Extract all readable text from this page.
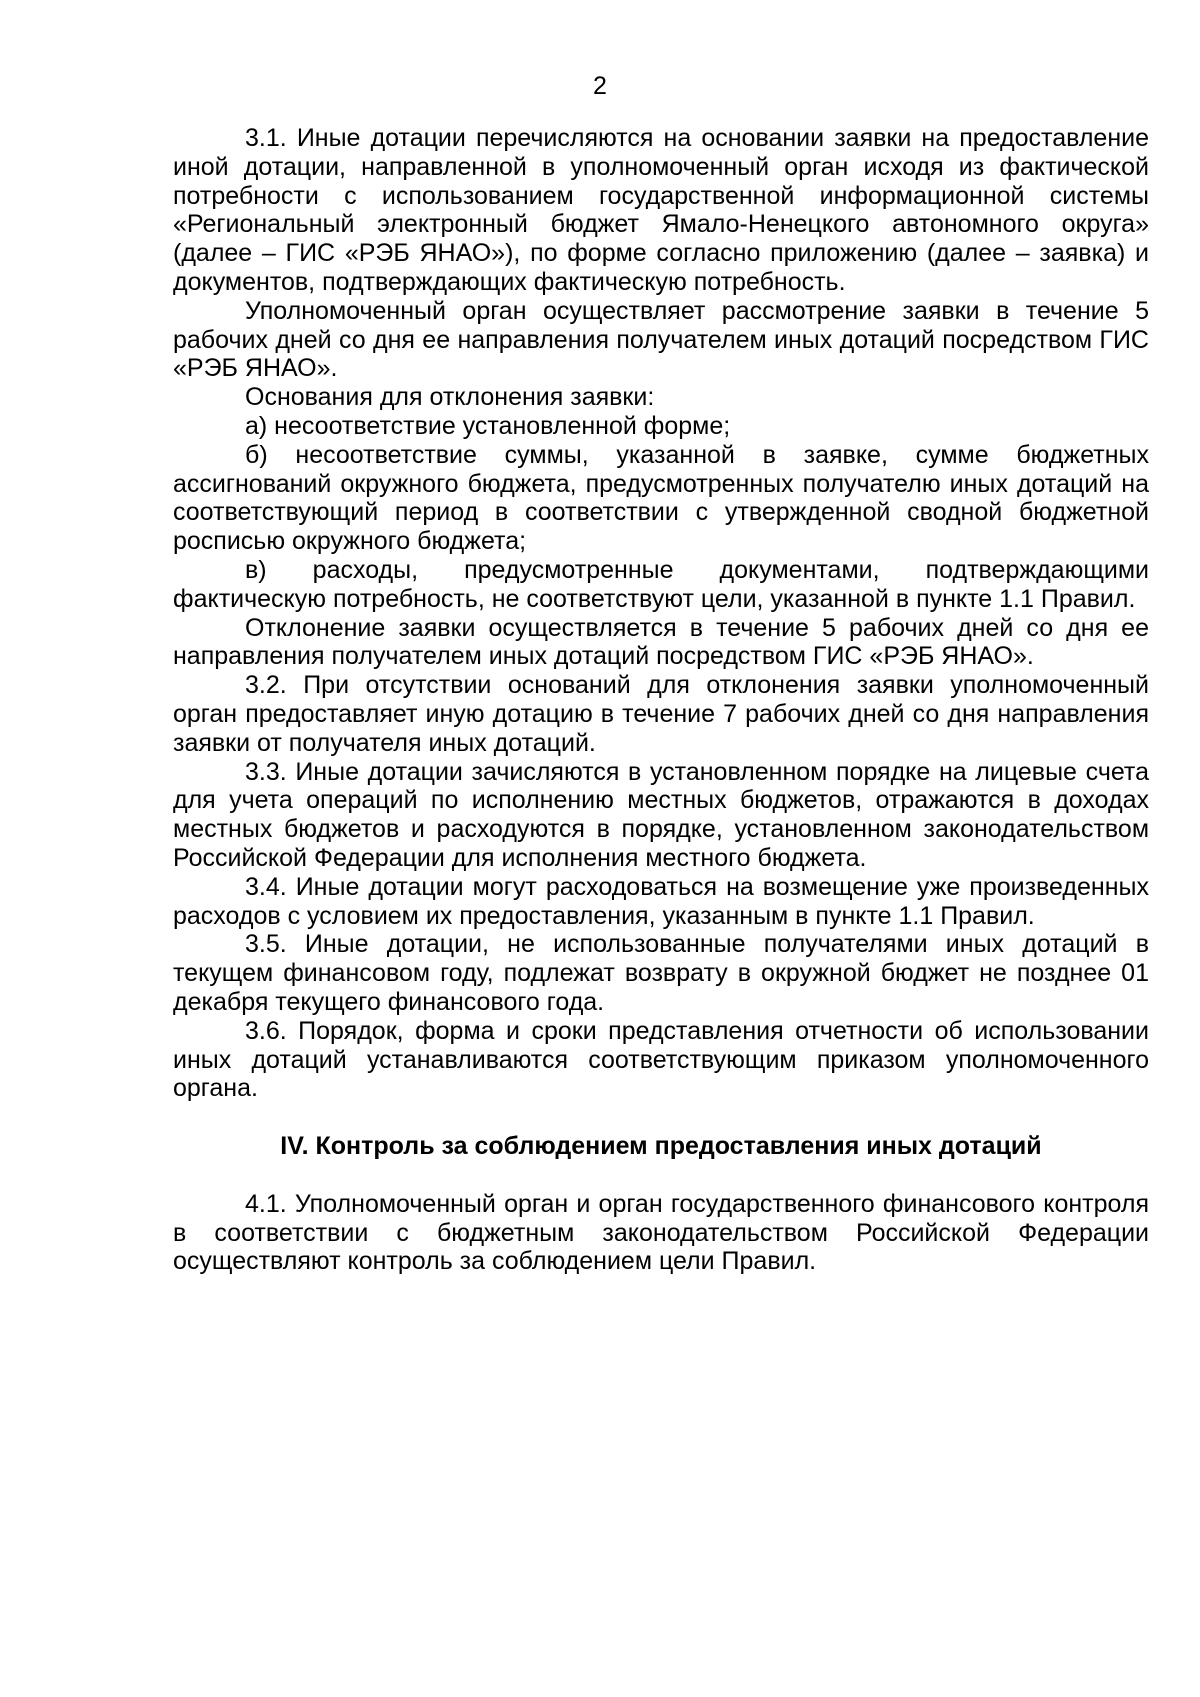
2

3.1. Иные дотации перечисляются на основании заявки на предоставление иной дотации, направленной в уполномоченный орган исходя из фактической потребности с использованием государственной информационной системы «Региональный электронный бюджет Ямало-Ненецкого автономного округа» (далее – ГИС «РЭБ ЯНАО»), по форме согласно приложению (далее – заявка) и документов, подтверждающих фактическую потребность.

Уполномоченный орган осуществляет рассмотрение заявки в течение 5 рабочих дней со дня ее направления получателем иных дотаций посредством ГИС «РЭБ ЯНАО».

Основания для отклонения заявки:

а) несоответствие установленной форме;

б) несоответствие суммы, указанной в заявке, сумме бюджетных ассигнований окружного бюджета, предусмотренных получателю иных дотаций на соответствующий период в соответствии с утвержденной сводной бюджетной росписью окружного бюджета;

в) расходы, предусмотренные документами, подтверждающими фактическую потребность, не соответствуют цели, указанной в пункте 1.1 Правил.

Отклонение заявки осуществляется в течение 5 рабочих дней со дня ее направления получателем иных дотаций посредством ГИС «РЭБ ЯНАО».

3.2. При отсутствии оснований для отклонения заявки уполномоченный орган предоставляет иную дотацию в течение 7 рабочих дней со дня направления заявки от получателя иных дотаций.

3.3. Иные дотации зачисляются в установленном порядке на лицевые счета для учета операций по исполнению местных бюджетов, отражаются в доходах местных бюджетов и расходуются в порядке, установленном законодательством Российской Федерации для исполнения местного бюджета.

3.4. Иные дотации могут расходоваться на возмещение уже произведенных расходов с условием их предоставления, указанным в пункте 1.1 Правил.

3.5. Иные дотации, не использованные получателями иных дотаций в текущем финансовом году, подлежат возврату в окружной бюджет не позднее 01 декабря текущего финансового года.

3.6. Порядок, форма и сроки представления отчетности об использовании иных дотаций устанавливаются соответствующим приказом уполномоченного органа.

IV. Контроль за соблюдением предоставления иных дотаций

4.1. Уполномоченный орган и орган государственного финансового контроля в соответствии с бюджетным законодательством Российской Федерации осуществляют контроль за соблюдением цели Правил.
